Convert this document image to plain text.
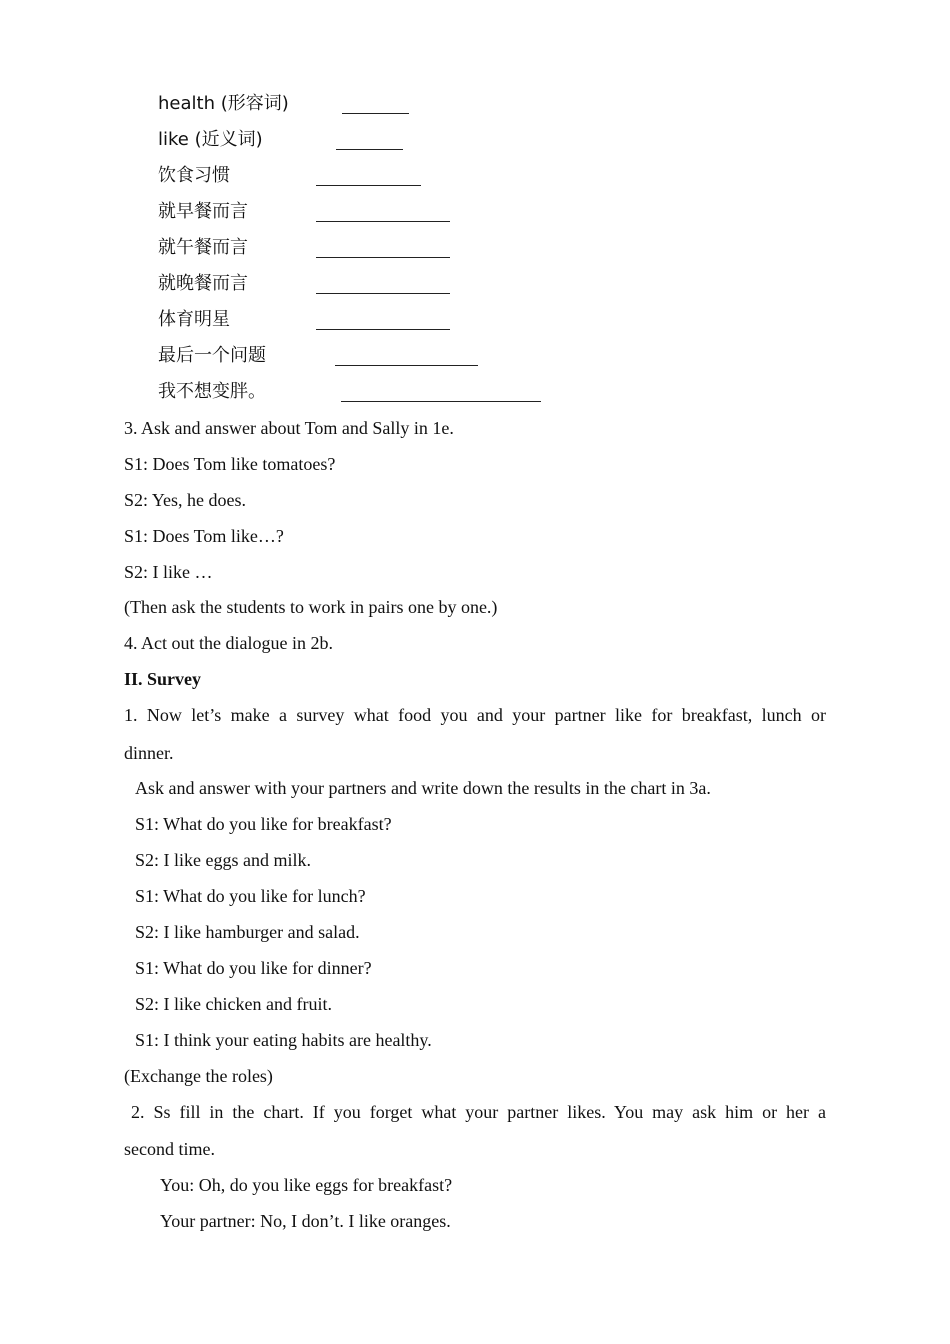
health (形容词)
like (近义词)
饮食习惯
就早餐而言
就午餐而言
就晚餐而言
体育明星
最后一个问题
我不想变胖。
3. Ask and answer about Tom and Sally in 1e.
S1: Does Tom like tomatoes?
S2: Yes, he does.
S1: Does Tom like…?
S2: I like …
(Then ask the students to work in pairs one by one.)
4. Act out the dialogue in 2b.
II. Survey
1. Now let’s make a survey what food you and your partner like for breakfast, lunch or
dinner.
Ask and answer with your partners and write down the results in the chart in 3a.
S1: What do you like for breakfast?
S2: I like eggs and milk.
S1: What do you like for lunch?
S2: I like hamburger and salad.
S1: What do you like for dinner?
S2: I like chicken and fruit.
S1: I think your eating habits are healthy.
(Exchange the roles)
2. Ss fill in the chart. If you forget what your partner likes. You may ask him or her a
second time.
You: Oh, do you like eggs for breakfast?
Your partner: No, I don’t. I like oranges.
